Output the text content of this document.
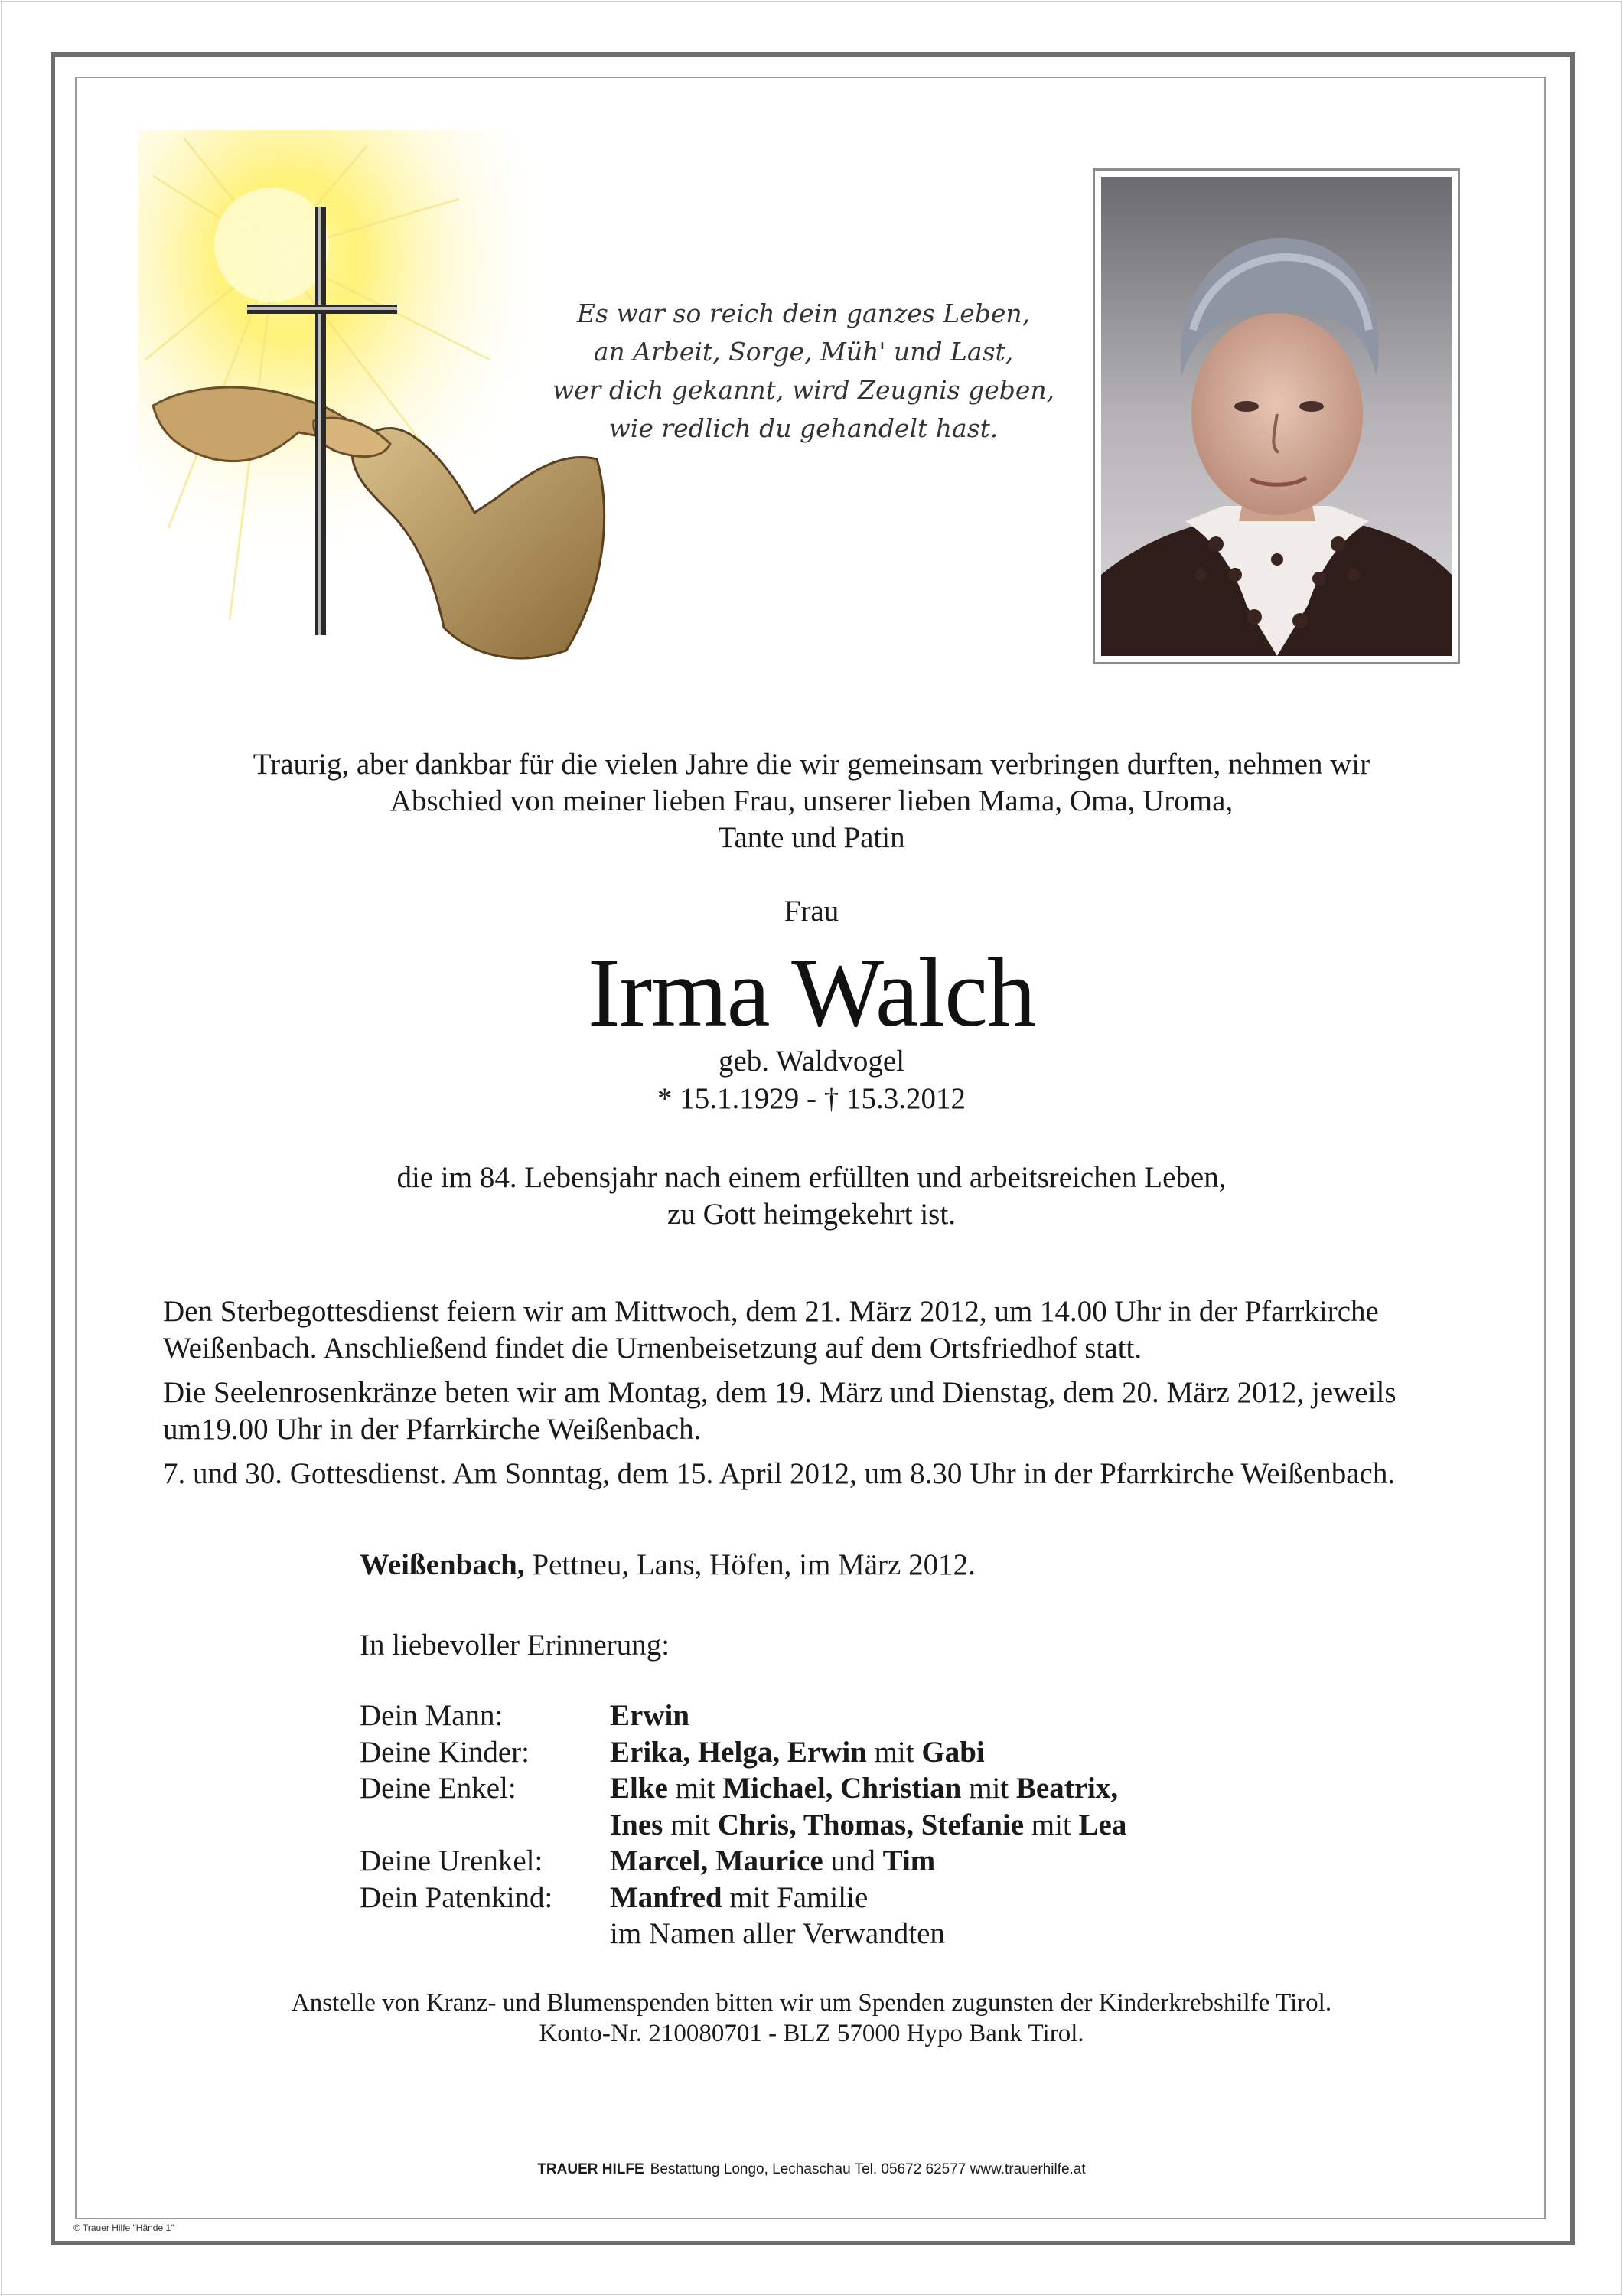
Es war so reich dein ganzes Leben,
an Arbeit, Sorge, Müh' und Last,
wer dich gekannt, wird Zeugnis geben,
wie redlich du gehandelt hast.
Traurig, aber dankbar für die vielen Jahre die wir gemeinsam verbringen durften, nehmen wir
Abschied von meiner lieben Frau, unserer lieben Mama, Oma, Uroma,
Tante und Patin
Frau
Irma Walch
geb. Waldvogel
* 15.1.1929 - † 15.3.2012
die im 84. Lebensjahr nach einem erfüllten und arbeitsreichen Leben,
zu Gott heimgekehrt ist.

Den Sterbegottesdienst feiern wir am Mittwoch, dem 21. März 2012, um 14.00 Uhr in der Pfarrkirche
Weißenbach. Anschließend findet die Urnenbeisetzung auf dem Ortsfriedhof statt.

Die Seelenrosenkränze beten wir am Montag, dem 19. März und Dienstag, dem 20. März 2012, jeweils
um19.00 Uhr in der Pfarrkirche Weißenbach.

7. und 30. Gottesdienst. Am Sonntag, dem 15. April 2012, um 8.30 Uhr in der Pfarrkirche Weißenbach.

Weißenbach, Pettneu, Lans, Höfen, im März 2012.
In liebevoller Erinnerung:
Dein Mann:	Erwin
Deine Kinder:	Erika, Helga, Erwin mit Gabi
Deine Enkel:	Elke mit Michael, Christian mit Beatrix,
Ines mit Chris, Thomas, Stefanie mit Lea
Deine Urenkel:	Marcel, Maurice und Tim
Dein Patenkind:	Manfred mit Familie
im Namen aller Verwandten
Anstelle von Kranz- und Blumenspenden bitten wir um Spenden zugunsten der Kinderkrebshilfe Tirol.
Konto-Nr. 210080701 - BLZ 57000 Hypo Bank Tirol.
TRAUER HILFE Bestattung Longo, Lechaschau Tel. 05672 62577 www.trauerhilfe.at
© Trauer Hilfe "Hände 1"
